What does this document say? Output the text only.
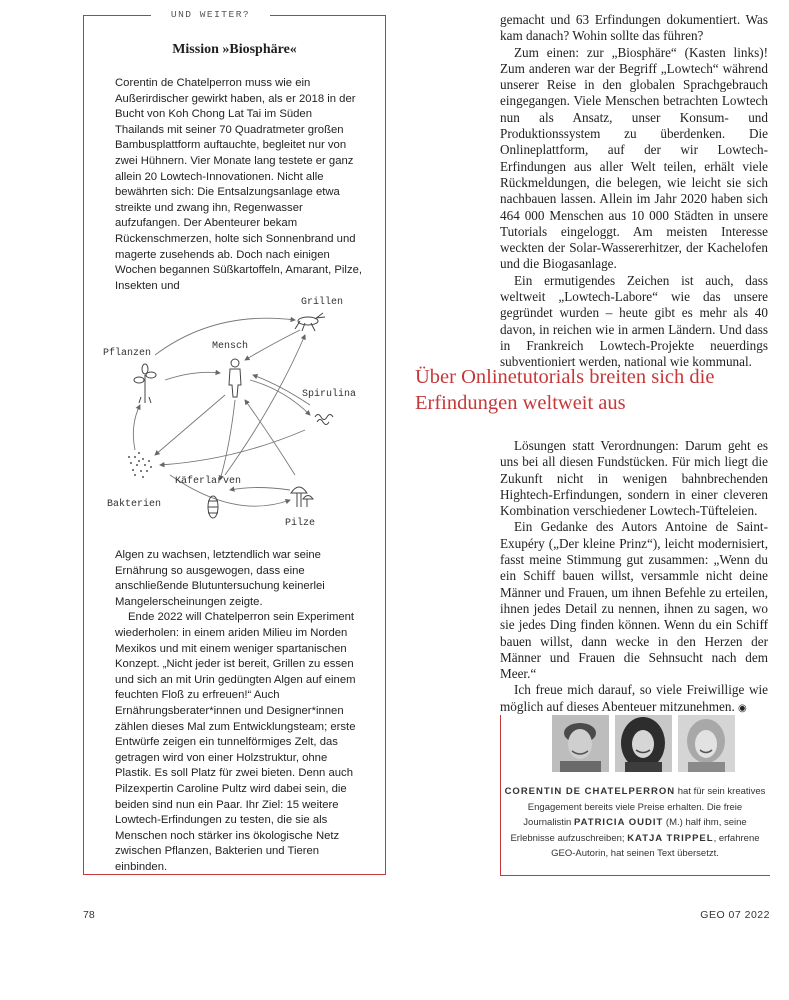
UND WEITER?
Mission »Biosphäre«

Corentin de Chatelperron muss wie ein Außerirdischer gewirkt haben, als er 2018 in der Bucht von Koh Chong Lat Tai im Süden Thailands mit seiner 70 Quadratmeter großen Bambusplattform auftauchte, begleitet nur von zwei Hühnern. Vier Monate lang testete er ganz allein 20 Lowtech-Innovationen. Nicht alle bewährten sich: Die Entsalzungsanlage etwa streikte und zwang ihn, Regenwasser aufzufangen. Der Abenteurer bekam Rückenschmerzen, holte sich Sonnenbrand und magerte zusehends ab. Doch nach einigen Wochen begannen Süßkartoffeln, Amarant, Pilze, Insekten und

Grillen
Mensch
Pflanzen
Spirulina
Käferlarven
Bakterien
Pilze

Algen zu wachsen, letztendlich war seine Ernährung so ausgewogen, dass eine anschließende Blutuntersuchung keinerlei Mangelerscheinungen zeigte.

Ende 2022 will Chatelperron sein Experiment wiederholen: in einem ariden Milieu im Norden Mexikos und mit einem weniger spartanischen Konzept. „Nicht jeder ist bereit, Grillen zu essen und sich an mit Urin gedüngten Algen auf einem feuchten Floß zu erfreuen!“ Auch Ernährungsberater*innen und Designer*innen zählen dieses Mal zum Entwicklungsteam; erste Entwürfe zeigen ein tunnelförmiges Zelt, das getragen wird von einer Holzstruktur, ohne Plastik. Es soll Platz für zwei bieten. Denn auch Pilzexpertin Caroline Pultz wird dabei sein, die beiden sind nun ein Paar. Ihr Ziel: 15 weitere Lowtech-Erfindungen zu testen, die sie als Menschen noch stärker ins ökologische Netz zwischen Pflanzen, Bakterien und Tieren einbinden.

gemacht und 63 Erfindungen dokumentiert. Was kam danach? Wohin sollte das führen?

Zum einen: zur „Biosphäre“ (Kasten links)! Zum anderen war der Begriff „Lowtech“ während unserer Reise in den globalen Sprachgebrauch eingegangen. Viele Menschen betrachten Lowtech nun als Ansatz, unser Konsum- und Produktionssystem zu überdenken. Die Onlineplattform, auf der wir Lowtech-Erfindungen aus aller Welt teilen, erhält viele Rückmeldungen, die belegen, wie leicht sie sich nachbauen lassen. Allein im Jahr 2020 haben sich 464 000 Menschen aus 10 000 Städten in unsere Tutorials eingeloggt. Am meisten Interesse weckten der Solar-Wassererhitzer, der Kachelofen und die Biogasanlage.

Ein ermutigendes Zeichen ist auch, dass weltweit „Lowtech-Labore“ wie das unsere gegründet wurden – heute gibt es mehr als 40 davon, in reichen wie in armen Ländern. Und dass in Frankreich Lowtech-Projekte neuerdings subventioniert werden, national wie kommunal.

Über Onlinetutorials breiten sich die Erfindungen weltweit aus

Lösungen statt Verordnungen: Darum geht es uns bei all diesen Fundstücken. Für mich liegt die Zukunft nicht in wenigen bahnbrechenden Hightech-Erfindungen, sondern in einer cleveren Kombination verschiedener Lowtech-Tüfteleien.

Ein Gedanke des Autors Antoine de Saint-Exupéry („Der kleine Prinz“), leicht modernisiert, fasst meine Stimmung gut zusammen: „Wenn du ein Schiff bauen willst, versammle nicht deine Männer und Frauen, um ihnen Befehle zu erteilen, ihnen jedes Detail zu nennen, ihnen zu sagen, wo sie jedes Ding finden können. Wenn du ein Schiff bauen willst, dann wecke in den Herzen der Männer und Frauen die Sehnsucht nach dem Meer.“

Ich freue mich darauf, so viele Freiwillige wie möglich auf dieses Abenteuer mitzunehmen. ◉

CORENTIN DE CHATELPERRON hat für sein kreatives Engagement bereits viele Preise erhalten. Die freie Journalistin PATRICIA OUDIT (M.) half ihm, seine Erlebnisse aufzuschreiben; KATJA TRIPPEL, erfahrene GEO-Autorin, hat seinen Text übersetzt.
78	GEO 07 2022
